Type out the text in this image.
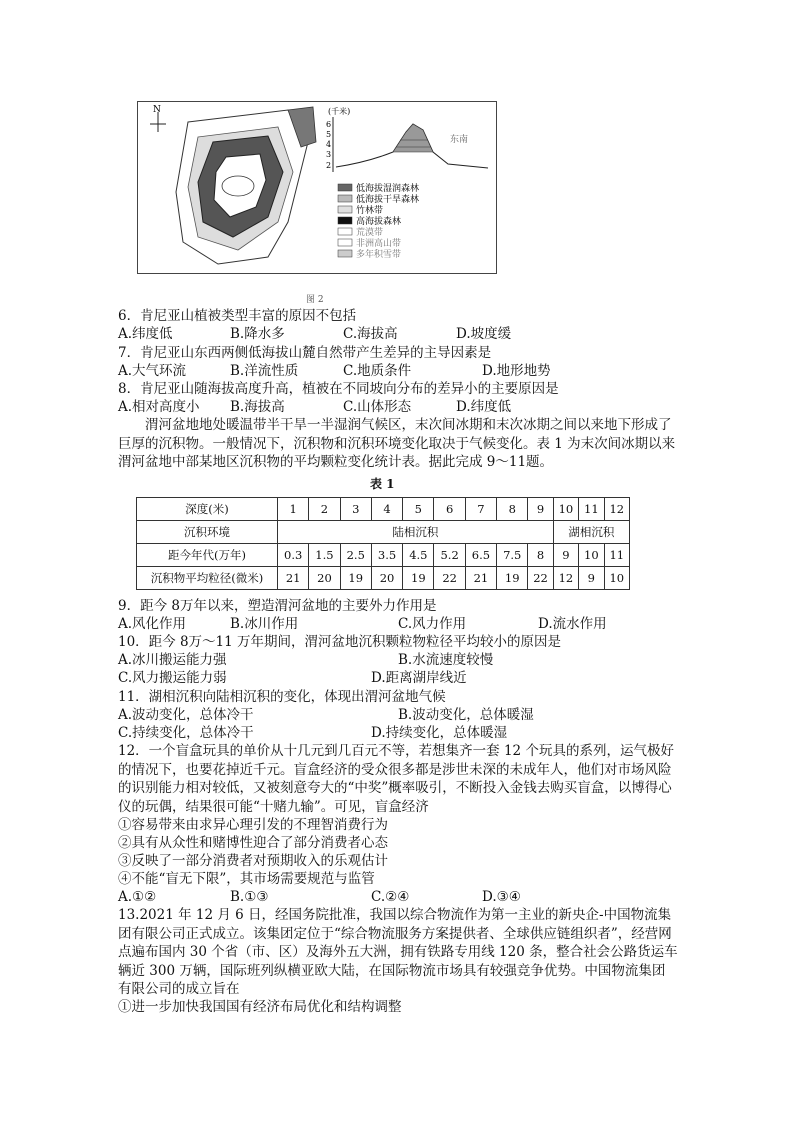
N	(千米)
6
5
4
3
2
东南
低海拔湿润森林
低海拔干旱森林
竹林带
高海拔森林
荒漠带
非洲高山带
多年积雪带
图 2
6．肯尼亚山植被类型丰富的原因不包括
A.纬度低	B.降水多	C.海拔高	D.坡度缓
7．肯尼亚山东西两侧低海拔山麓自然带产生差异的主导因素是
A.大气环流	B.洋流性质	C.地质条件	D.地形地势
8．肯尼亚山随海拔高度升高，植被在不同坡向分布的差异小的主要原因是
A.相对高度小 B.海拔高	C.山体形态	D.纬度低
渭河盆地地处暖温带半干旱一半湿润气候区，末次间冰期和末次冰期之间以来地下形成了巨厚的沉积物。一般情况下，沉积物和沉积环境变化取决于气候变化。表 1 为末次间冰期以来渭河盆地中部某地区沉积物的平均颗粒变化统计表。据此完成 9～11题。
表 1
深度(米)	1	2	3	4	5	6	7	8	9	10	11	12
沉积环境	陆相沉积									湖相沉积		
距今年代(万年)	0.3	1.5	2.5	3.5	4.5	5.2	6.5	7.5	8	9	10	11
沉积物平均粒径(微米)	21	20	19	20	19	22	21	19	22	12	9	10
9．距今 8万年以来，塑造渭河盆地的主要外力作用是
A.风化作用	B.冰川作用	C.风力作用	D.流水作用
10．距今 8万～11 万年期间，渭河盆地沉积颗粒物粒径平均较小的原因是
A.冰川搬运能力强	B.水流速度较慢
C.风力搬运能力弱	D.距离湖岸线近
11．湖相沉积向陆相沉积的变化，体现出渭河盆地气候
A.波动变化，总体冷干	B.波动变化，总体暖湿
C.持续变化，总体冷干	D.持续变化，总体暖湿
12．一个盲盒玩具的单价从十几元到几百元不等，若想集齐一套 12 个玩具的系列，运气极好的情况下，也要花掉近千元。盲盒经济的受众很多都是涉世未深的未成年人，他们对市场风险的识别能力相对较低，又被刻意夸大的“中奖”概率吸引，不断投入金钱去购买盲盒，以博得心仪的玩偶，结果很可能“十赌九输”。可见，盲盒经济
①容易带来由求异心理引发的不理智消费行为
②具有从众性和赌博性迎合了部分消费者心态
③反映了一部分消费者对预期收入的乐观估计
④不能“盲无下限”，其市场需要规范与监管
A.①②	B.①③	C.②④	D.③④
13.2021 年 12 月 6 日，经国务院批准，我国以综合物流作为第一主业的新央企-中国物流集团有限公司正式成立。该集团定位于“综合物流服务方案提供者、全球供应链组织者”，经营网点遍布国内 30 个省（市、区）及海外五大洲，拥有铁路专用线 120 条，整合社会公路货运车辆近 300 万辆，国际班列纵横亚欧大陆，在国际物流市场具有较强竞争优势。中国物流集团有限公司的成立旨在
①进一步加快我国国有经济布局优化和结构调整
